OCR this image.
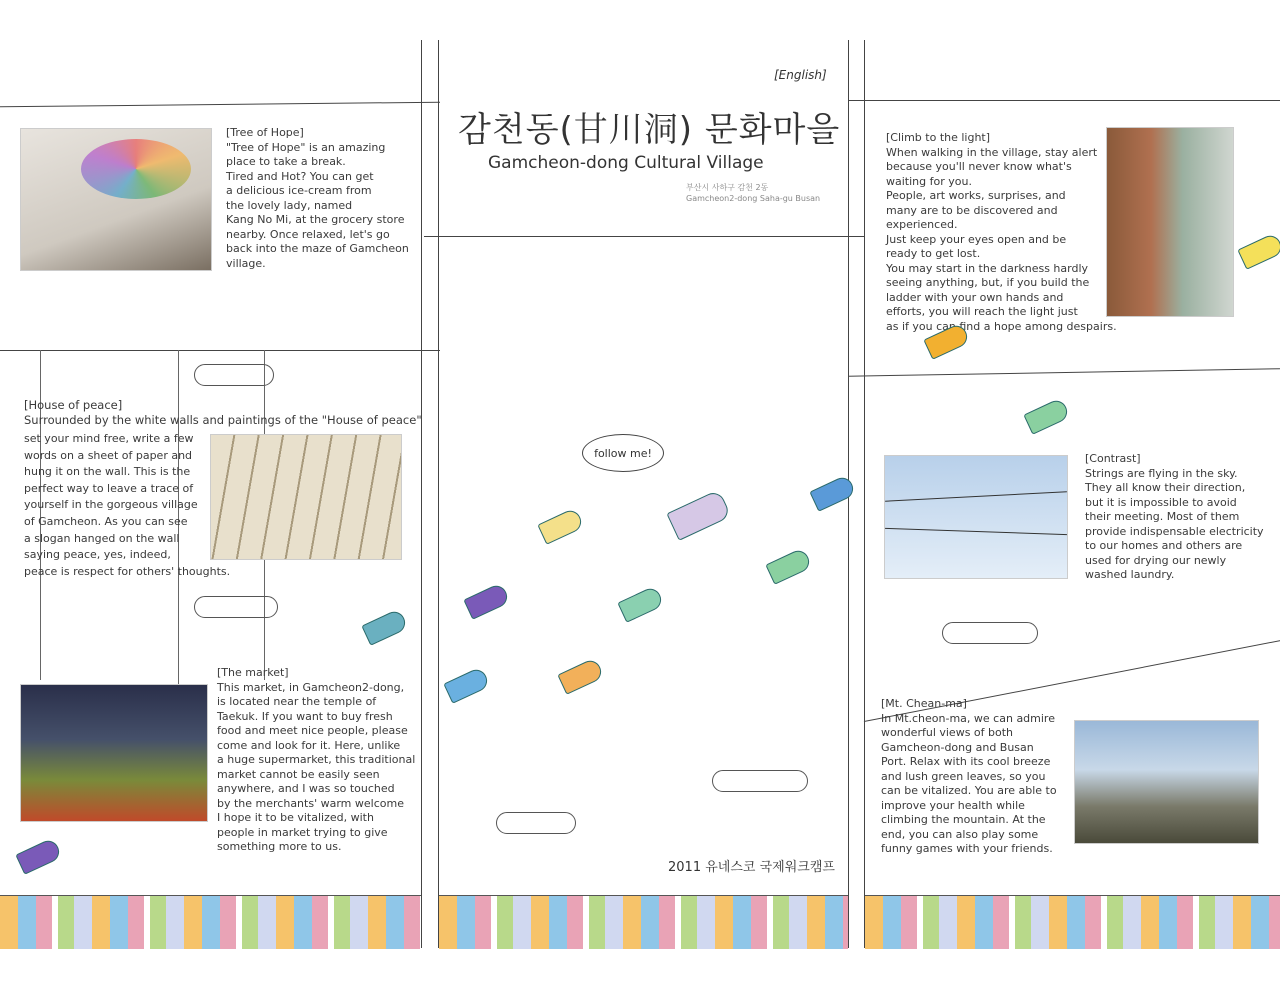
[English]
감천동(甘川洞) 문화마을
Gamcheon-dong Cultural Village
부산시 사하구 감천 2동
Gamcheon2-dong Saha-gu Busan
[Tree of Hope]
"Tree of Hope" is an amazing
place to take a break.
Tired and Hot? You can get
a delicious ice-cream from
the lovely lady, named
Kang No Mi, at the grocery store
nearby. Once relaxed, let's go
back into the maze of Gamcheon
village.
[House of peace]
Surrounded by the white walls and paintings of the "House of peace"
set your mind free, write a few
words on a sheet of paper and
hung it on the wall. This is the
perfect way to leave a trace of
yourself in the gorgeous village
of Gamcheon. As you can see
a slogan hanged on the wall
saying peace, yes, indeed,
peace is respect for others' thoughts.
[The market]
This market, in Gamcheon2-dong,
is located near the temple of
Taekuk. If you want to buy fresh
food and meet nice people, please
come and look for it. Here, unlike
a huge supermarket, this traditional
market cannot be easily seen
anywhere, and I was so touched
by the merchants' warm welcome
I hope it to be vitalized, with
people in market trying to give
something more to us.
[Climb to the light]
When walking in the village, stay alert
because you'll never know what's
waiting for you.
People, art works, surprises, and
many are to be discovered and
experienced.
Just keep your eyes open and be
ready to get lost.
You may start in the darkness hardly
seeing anything, but, if you build the
ladder with your own hands and
efforts, you will reach the light just
as if you can find a hope among despairs.
[Contrast]
Strings are flying in the sky.
They all know their direction,
but it is impossible to avoid
their meeting. Most of them
provide indispensable electricity
to our homes and others are
used for drying our newly
washed laundry.
[Mt. Chean-ma]
In Mt.cheon-ma, we can admire
wonderful views of both
Gamcheon-dong and Busan
Port. Relax with its cool breeze
and lush green leaves, so you
can be vitalized. You are able to
improve your health while
climbing the mountain. At the
end, you can also play some
funny games with your friends.
follow me!
2011 유네스코 국제워크캠프
